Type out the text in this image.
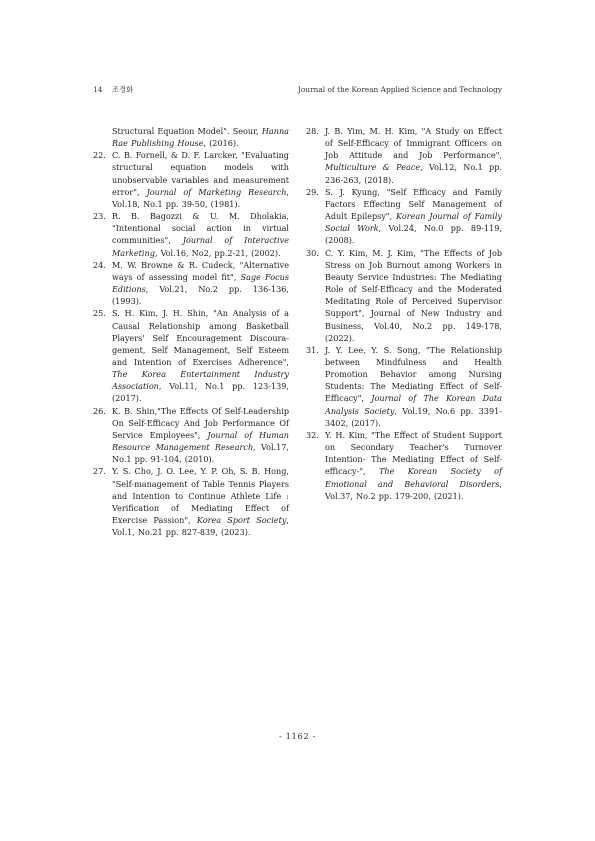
14 조경화	Journal of the Korean Applied Science and Technology
Structural Equation Model". Seour, Hanna Rae Publishing House, (2016).
22. C. B. Fornell, & D. F. Larcker, "Evaluating structural equation models with unobservable variables and measurement error", Journal of Marketing Research, Vol.18, No.1 pp. 39-50, (1981).
23. R. B. Bagozzi & U. M. Dholakia, "Intentional social action in virtual communities", Journal of Interactive Marketing, Vol.16, No2, pp.2-21, (2002).
24. M. W. Browne & R. Cudeck, "Alternative ways of assessing model fit", Sage Focus Editions, Vol.21, No.2 pp. 136-136, (1993).
25. S. H. Kim, J. H. Shin, "An Analysis of a Causal Relationship among Basketball Players' Self Encouragement Discoura-gement, Self Management, Self Esteem and Intention of Exercises Adherence", The Korea Entertainment Industry Association, Vol.11, No.1 pp. 123-139, (2017).
26. K. B. Shin,"The Effects Of Self-Leadership On Self-Efficacy And Job Performance Of Service Employees", Journal of Human Resource Management Research, Vol.17, No.1 pp. 91-104, (2010).
27. Y. S. Cho, J. O. Lee, Y. P. Oh, S. B. Hong, "Self-management of Table Tennis Players and Intention to Continue Athlete Life : Verification of Mediating Effect of Exercise Passion", Korea Sport Society, Vol.1, No.21 pp. 827-839, (2023).
28. J. B. Yim, M. H. Kim, "A Study on Effect of Self-Efficacy of Immigrant Officers on Job Attitude and Job Performance", Multiculture & Peace, Vol.12, No.1 pp. 236-263, (2018).
29. S. J. Kyung, "Self Efficacy and Family Factors Effecting Self Management of Adult Epilepsy", Korean Journal of Family Social Work, Vol.24, No.0 pp. 89-119, (2008).
30. C. Y. Kim, M. J. Kim, "The Effects of Job Stress on Job Burnout among Workers in Beauty Service Industries: The Mediating Role of Self-Efficacy and the Moderated Meditating Role of Perceived Supervisor Support", Journal of New Industry and Business, Vol.40, No.2 pp. 149-178, (2022).
31. J. Y. Lee, Y. S. Song, "The Relationship between Mindfulness and Health Promotion Behavior among Nursing Students: The Mediating Effect of Self-Efficacy", Journal of The Korean Data Analysis Society, Vol.19, No.6 pp. 3391-3402, (2017).
32. Y. H. Kim, "The Effect of Student Support on Secondary Teacher's Turnover Intention- The Mediating Effect of Self-efficacy-", The Korean Society of Emotional and Behavioral Disorders, Vol.37, No.2 pp. 179-200, (2021).
- 1162 -
